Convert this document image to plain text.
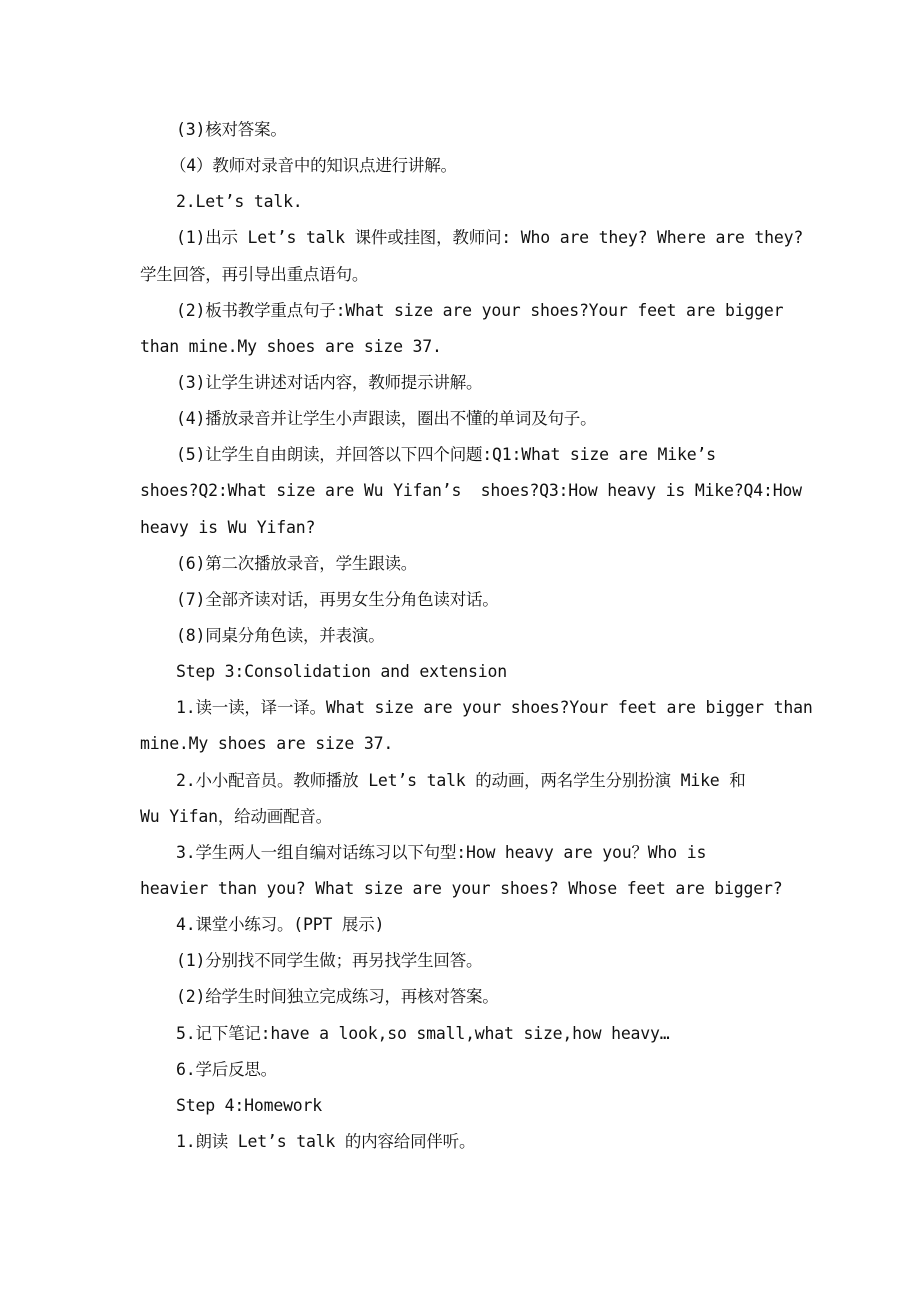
(3)核对答案。
（4）教师对录音中的知识点进行讲解。
2.Let’s talk.
(1)出示 Let’s talk 课件或挂图，教师问: Who are they? Where are they?
学生回答，再引导出重点语句。
(2)板书教学重点句子:What size are your shoes?Your feet are bigger
than mine.My shoes are size 37.
(3)让学生讲述对话内容，教师提示讲解。
(4)播放录音并让学生小声跟读，圈出不懂的单词及句子。
(5)让学生自由朗读，并回答以下四个问题:Q1:What size are Mike’s
shoes?Q2:What size are Wu Yifan’s  shoes?Q3:How heavy is Mike?Q4:How
heavy is Wu Yifan?
(6)第二次播放录音，学生跟读。
(7)全部齐读对话，再男女生分角色读对话。
(8)同桌分角色读，并表演。
Step 3:Consolidation and extension
1.读一读，译一译。What size are your shoes?Your feet are bigger than
mine.My shoes are size 37.
2.小小配音员。教师播放 Let’s talk 的动画，两名学生分别扮演 Mike 和
Wu Yifan，给动画配音。
3.学生两人一组自编对话练习以下句型:How heavy are you？Who is
heavier than you? What size are your shoes? Whose feet are bigger?
4.课堂小练习。(PPT 展示)
(1)分别找不同学生做；再另找学生回答。
(2)给学生时间独立完成练习，再核对答案。
5.记下笔记:have a look,so small,what size,how heavy…
6.学后反思。
Step 4:Homework
1.朗读 Let’s talk 的内容给同伴听。
